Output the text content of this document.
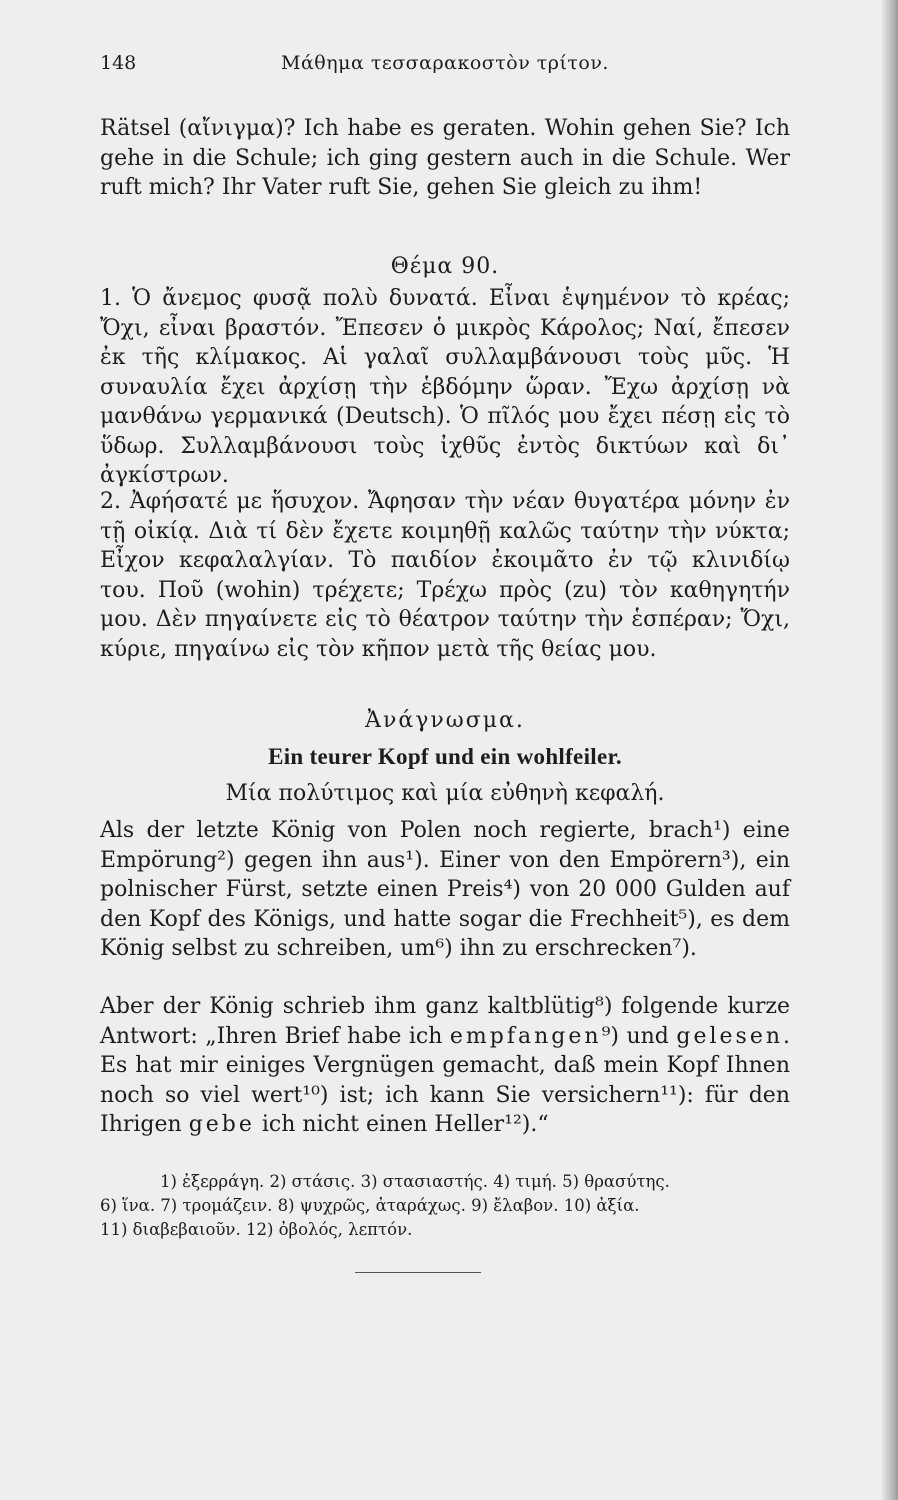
148	Μάθημα τεσσαρακοστὸν τρίτον.

Rätsel (αἴνιγμα)? Ich habe es geraten. Wohin gehen Sie? Ich gehe in die Schule; ich ging gestern auch in die Schule. Wer ruft mich? Ihr Vater ruft Sie, gehen Sie gleich zu ihm!

Θέμα 90.

1. Ὁ ἄνεμος φυσᾷ πολὺ δυνατά. Εἶναι ἑψημένον τὸ κρέας; Ὄχι, εἶναι βραστόν. Ἔπεσεν ὁ μικρὸς Κάρολος; Ναί, ἔπεσεν ἐκ τῆς κλίμακος. Αἱ γαλαῖ συλλαμβάνουσι τοὺς μῦς. Ἡ συναυλία ἔχει ἀρχίσῃ τὴν ἑβδόμην ὥραν. Ἔχω ἀρχίσῃ νὰ μανθάνω γερμανικά (Deutsch). Ὁ πῖλός μου ἔχει πέσῃ εἰς τὸ ὕδωρ. Συλλαμβάνουσι τοὺς ἰχθῦς ἐντὸς δικτύων καὶ δι᾽ ἀγκίστρων.

2. Ἀφήσατέ με ἥσυχον. Ἄφησαν τὴν νέαν θυγατέρα μόνην ἐν τῇ οἰκίᾳ. Διὰ τί δὲν ἔχετε κοιμηθῇ καλῶς ταύτην τὴν νύκτα; Εἶχον κεφαλαλγίαν. Τὸ παιδίον ἐκοιμᾶτο ἐν τῷ κλινιδίῳ του. Ποῦ (wohin) τρέχετε; Τρέχω πρὸς (zu) τὸν καθηγητήν μου. Δὲν πηγαίνετε εἰς τὸ θέατρον ταύτην τὴν ἑσπέραν; Ὄχι, κύριε, πηγαίνω εἰς τὸν κῆπον μετὰ τῆς θείας μου.

Ἀνάγνωσμα.

Ein teurer Kopf und ein wohlfeiler.

Μία πολύτιμος καὶ μία εὐθηνὴ κεφαλή.

Als der letzte König von Polen noch regierte, brach¹) eine Empörung²) gegen ihn aus¹). Einer von den Empörern³), ein polnischer Fürst, setzte einen Preis⁴) von 20 000 Gulden auf den Kopf des Königs, und hatte sogar die Frechheit⁵), es dem König selbst zu schreiben, um⁶) ihn zu erschrecken⁷).

Aber der König schrieb ihm ganz kaltblütig⁸) folgende kurze Antwort: „Ihren Brief habe ich empfangen⁹) und gelesen. Es hat mir einiges Vergnügen gemacht, daß mein Kopf Ihnen noch so viel wert¹⁰) ist; ich kann Sie versichern¹¹): für den Ihrigen gebe ich nicht einen Heller¹²).“

1) ἐξερράγη. 2) στάσις. 3) στασιαστής. 4) τιμή. 5) θρασύτης.
6) ἵνα. 7) τρομάζειν. 8) ψυχρῶς, ἀταράχως. 9) ἔλαβον. 10) ἀξία.
11) διαβεβαιοῦν. 12) ὀβολός, λεπτόν.
